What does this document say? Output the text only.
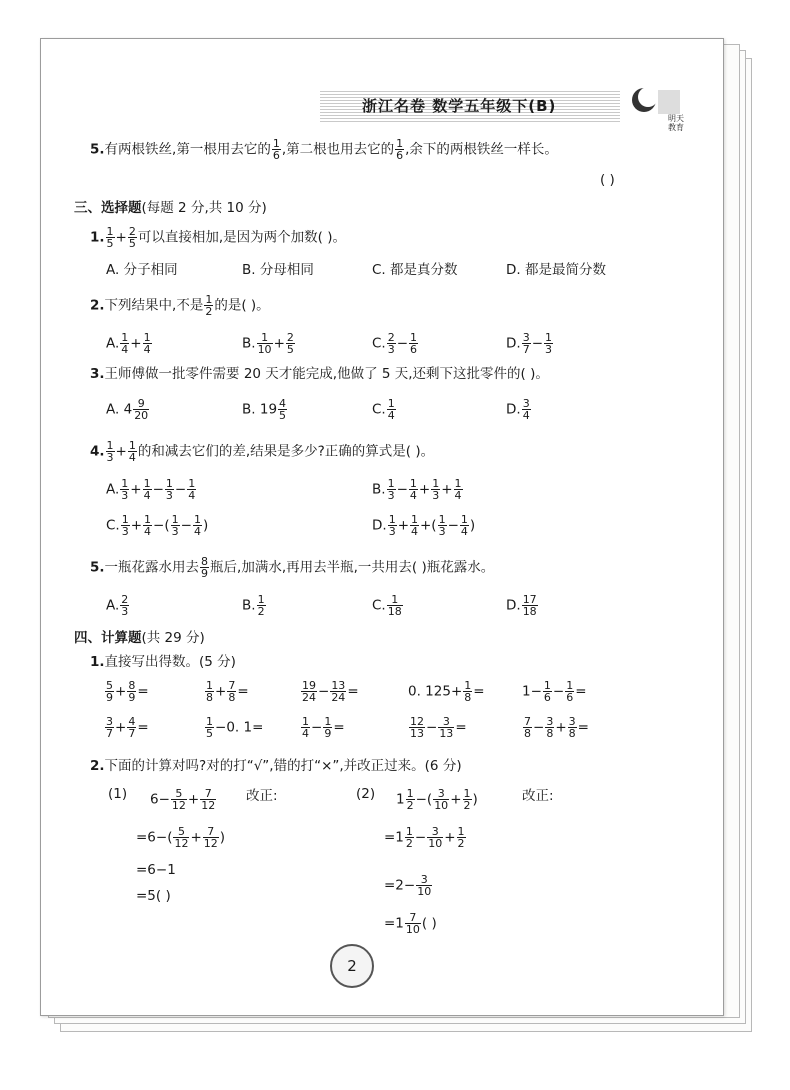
浙江名卷 数学五年级下(B)
明天 教育
5.有两根铁丝,第一根用去它的 $\frac{1}{6}$ ,第二根也用去它的 $\frac{1}{6}$ ,余下的两根铁丝一样长。
( )
三、选择题(每题 2 分,共 10 分)
1. $\frac{1}{5} + \frac{2}{5}$ 可以直接相加,是因为两个加数( )。
A. 分子相同	B. 分母相同	C. 都是真分数	D. 都是最简分数
2.下列结果中,不是 $\frac{1}{2}$ 的是( )。
A. $\frac{1}{4} + \frac{1}{4}$	B. $\frac{1}{10} + \frac{2}{5}$	C. $\frac{2}{3} - \frac{1}{6}$	D. $\frac{3}{7} - \frac{1}{3}$
3.王师傅做一批零件需要 20 天才能完成,他做了 5 天,还剩下这批零件的( )。
A. $4 \frac{9}{20}$	B. $19 \frac{4}{5}$	C. $\frac{1}{4}$	D. $\frac{3}{4}$
4. $\frac{1}{3} + \frac{1}{4}$ 的和减去它们的差,结果是多少?正确的算式是( )。
A. $\frac{1}{3} + \frac{1}{4} - \frac{1}{3} - \frac{1}{4}$	B. $\frac{1}{3} - \frac{1}{4} + \frac{1}{3} + \frac{1}{4}$
C. $\frac{1}{3} + \frac{1}{4}$ −( $\frac{1}{3} - \frac{1}{4}$ )	D. $\frac{1}{3} + \frac{1}{4}$ +( $\frac{1}{3} - \frac{1}{4}$ )
5.一瓶花露水用去 $\frac{8}{9}$ 瓶后,加满水,再用去半瓶,一共用去( )瓶花露水。
A. $\frac{2}{3}$	B. $\frac{1}{2}$	C. $\frac{1}{18}$	D. $\frac{17}{18}$
四、计算题(共 29 分)
1.直接写出得数。(5 分)
$\frac{5}{9} + \frac{8}{9}$ =	$\frac{1}{8} + \frac{7}{8}$ =	$\frac{19}{24} - \frac{13}{24}$ =	0. $125+ \frac{1}{8}$ =	$1- \frac{1}{6} - \frac{1}{6}$ =
$\frac{3}{7} + \frac{4}{7}$ =	$\frac{1}{5} -0$. 1=	$\frac{1}{4} - \frac{1}{9}$ =	$\frac{12}{13} - \frac{3}{13}$ =	$\frac{7}{8} - \frac{3}{8} + \frac{3}{8}$ =
2.下面的计算对吗?对的打“√”,错的打“×”,并改正过来。(6 分)
(1) $6- \frac{5}{12} + \frac{7}{12}$ 改正:
$=6-( \frac{5}{12} + \frac{7}{12}$ )
=6−1
=5( )
(2) $1 \frac{1}{2}$ −( $\frac{3}{10} + \frac{1}{2}$ )	改正:
$=1 \frac{1}{2} - \frac{3}{10} + \frac{1}{2}$
$=2- \frac{3}{10}$
$=1 \frac{7}{10}$ ( )
2
